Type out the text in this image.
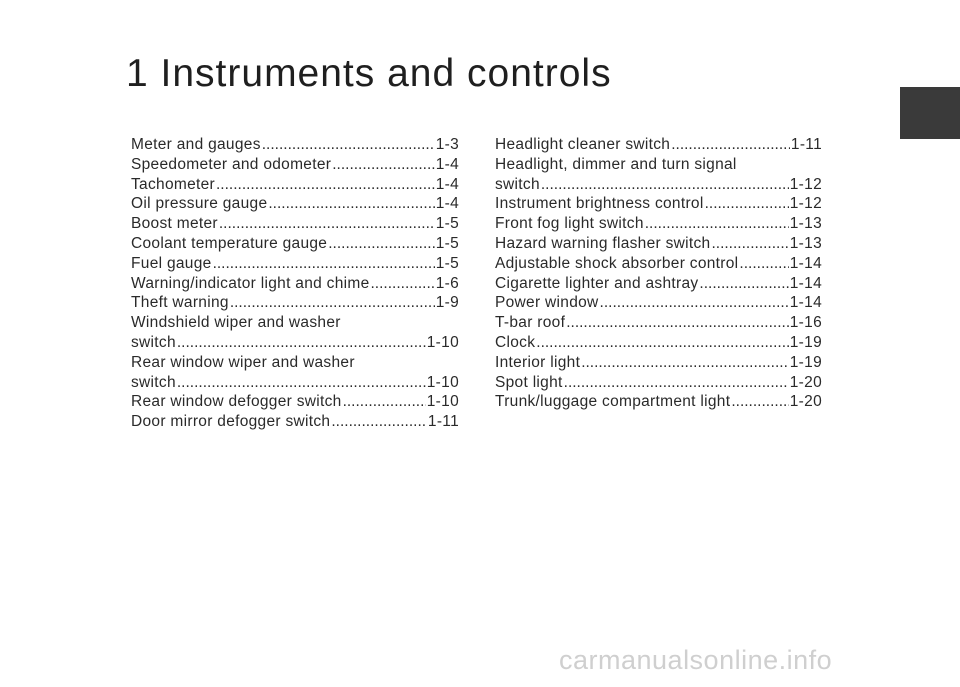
1 Instruments and controls
Meter and gauges .....	1-3
Speedometer and odometer .....	1-4
Tachometer .....	1-4
Oil pressure gauge .....	1-4
Boost meter .....	1-5
Coolant temperature gauge .....	1-5
Fuel gauge .....	1-5
Warning/indicator light and chime .....	1-6
Theft warning .....	1-9
Windshield wiper and washer
switch .....	1-10
Rear window wiper and washer
switch .....	1-10
Rear window defogger switch .....	1-10
Door mirror defogger switch .....	1-11
Headlight cleaner switch .....	1-11
Headlight, dimmer and turn signal
switch .....	1-12
Instrument brightness control .....	1-12
Front fog light switch .....	1-13
Hazard warning flasher switch .....	1-13
Adjustable shock absorber control .....	1-14
Cigarette lighter and ashtray .....	1-14
Power window .....	1-14
T-bar roof .....	1-16
Clock .....	1-19
Interior light .....	1-19
Spot light .....	1-20
Trunk/luggage compartment light .....	1-20
carmanualsonline.info
